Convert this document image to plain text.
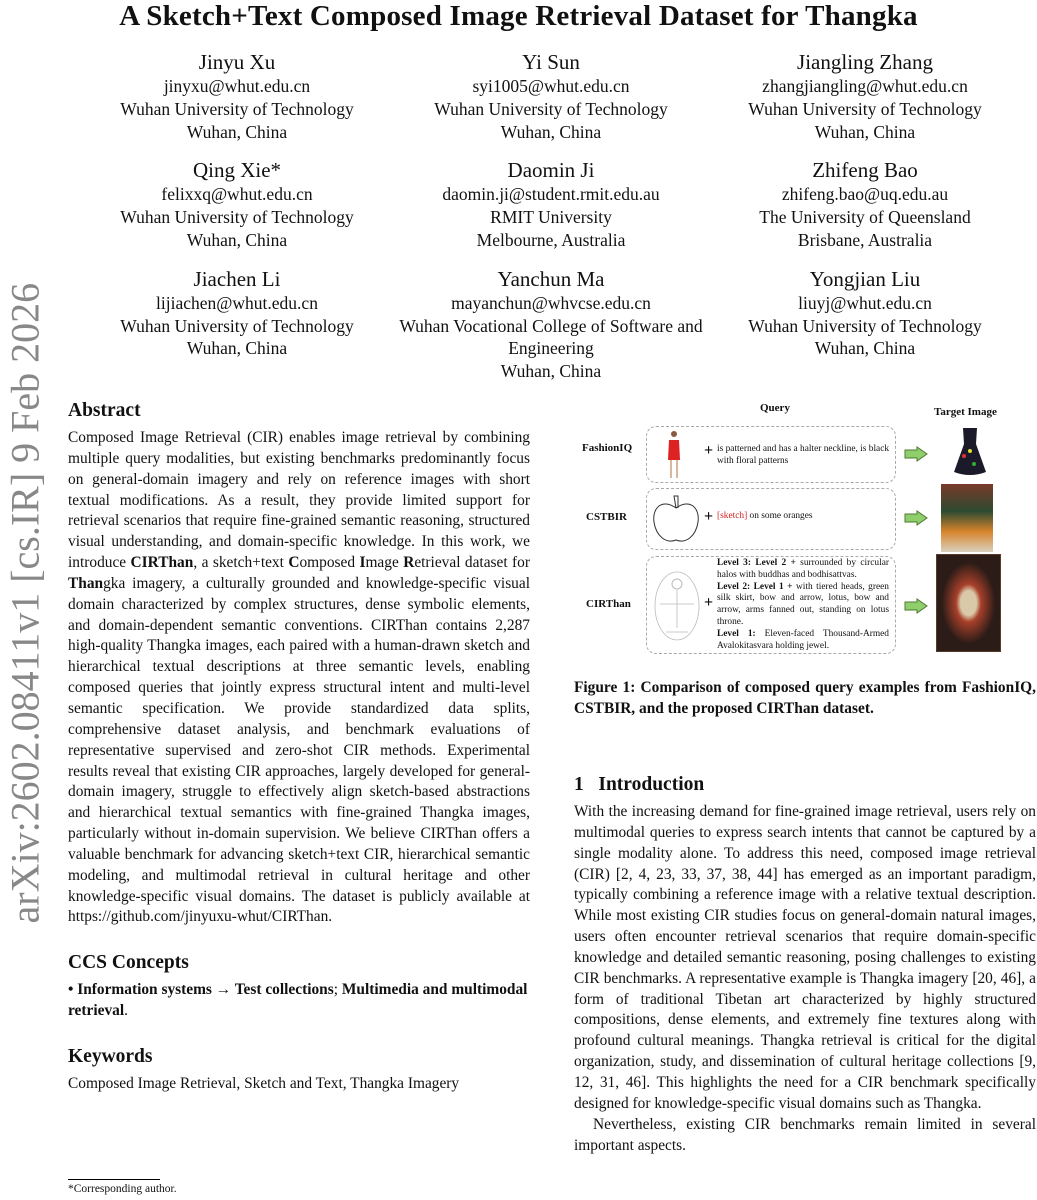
A Sketch+Text Composed Image Retrieval Dataset for Thangka
arXiv:2602.08411v1 [cs.IR] 9 Feb 2026
Jinyu Xu
jinyxu@whut.edu.cn
Wuhan University of Technology
Wuhan, China
Yi Sun
syi1005@whut.edu.cn
Wuhan University of Technology
Wuhan, China
Jiangling Zhang
zhangjiangling@whut.edu.cn
Wuhan University of Technology
Wuhan, China
Qing Xie*
felixxq@whut.edu.cn
Wuhan University of Technology
Wuhan, China
Daomin Ji
daomin.ji@student.rmit.edu.au
RMIT University
Melbourne, Australia
Zhifeng Bao
zhifeng.bao@uq.edu.au
The University of Queensland
Brisbane, Australia
Jiachen Li
lijiachen@whut.edu.cn
Wuhan University of Technology
Wuhan, China
Yanchun Ma
mayanchun@whvcse.edu.cn
Wuhan Vocational College of Software and Engineering
Wuhan, China
Yongjian Liu
liuyj@whut.edu.cn
Wuhan University of Technology
Wuhan, China
Abstract

Composed Image Retrieval (CIR) enables image retrieval by combining multiple query modalities, but existing benchmarks predominantly focus on general-domain imagery and rely on reference images with short textual modifications. As a result, they provide limited support for retrieval scenarios that require fine-grained semantic reasoning, structured visual understanding, and domain-specific knowledge. In this work, we introduce CIRThan, a sketch+text Composed Image Retrieval dataset for Thangka imagery, a culturally grounded and knowledge-specific visual domain characterized by complex structures, dense symbolic elements, and domain-dependent semantic conventions. CIRThan contains 2,287 high-quality Thangka images, each paired with a human-drawn sketch and hierarchical textual descriptions at three semantic levels, enabling composed queries that jointly express structural intent and multi-level semantic specification. We provide standardized data splits, comprehensive dataset analysis, and benchmark evaluations of representative supervised and zero-shot CIR methods. Experimental results reveal that existing CIR approaches, largely developed for general-domain imagery, struggle to effectively align sketch-based abstractions and hierarchical textual semantics with fine-grained Thangka images, particularly without in-domain supervision. We believe CIRThan offers a valuable benchmark for advancing sketch+text CIR, hierarchical semantic modeling, and multimodal retrieval in cultural heritage and other knowledge-specific visual domains. The dataset is publicly available at https://github.com/jinyuxu-whut/CIRThan.

CCS Concepts

• Information systems → Test collections; Multimedia and multimodal retrieval.

Keywords

Composed Image Retrieval, Sketch and Text, Thangka Imagery

Query	Target Image
FashionIQ	+ is patterned and has a halter neckline, is black with floral patterns
CSTBIR	+ [sketch] on some oranges
CIRThan	+
Level 3: Level 2 + surrounded by circular halos with buddhas and bodhisattvas.
Level 2: Level 1 + with tiered heads, green silk skirt, bow and arrow, lotus, bow and arrow, arms fanned out, standing on lotus throne.
Level 1: Eleven-faced Thousand-Armed Avalokitasvara holding jewel.
Figure 1: Comparison of composed query examples from FashionIQ, CSTBIR, and the proposed CIRThan dataset.
1   Introduction

With the increasing demand for fine-grained image retrieval, users rely on multimodal queries to express search intents that cannot be captured by a single modality alone. To address this need, composed image retrieval (CIR) [2, 4, 23, 33, 37, 38, 44] has emerged as an important paradigm, typically combining a reference image with a relative textual description. While most existing CIR studies focus on general-domain natural images, users often encounter retrieval scenarios that require domain-specific knowledge and detailed semantic reasoning, posing challenges to existing CIR benchmarks. A representative example is Thangka imagery [20, 46], a form of traditional Tibetan art characterized by highly structured compositions, dense elements, and extremely fine textures along with profound cultural meanings. Thangka retrieval is critical for the digital organization, study, and dissemination of cultural heritage collections [9, 12, 31, 46]. This highlights the need for a CIR benchmark specifically designed for knowledge-specific visual domains such as Thangka.

Nevertheless, existing CIR benchmarks remain limited in several important aspects.

*Corresponding author.
